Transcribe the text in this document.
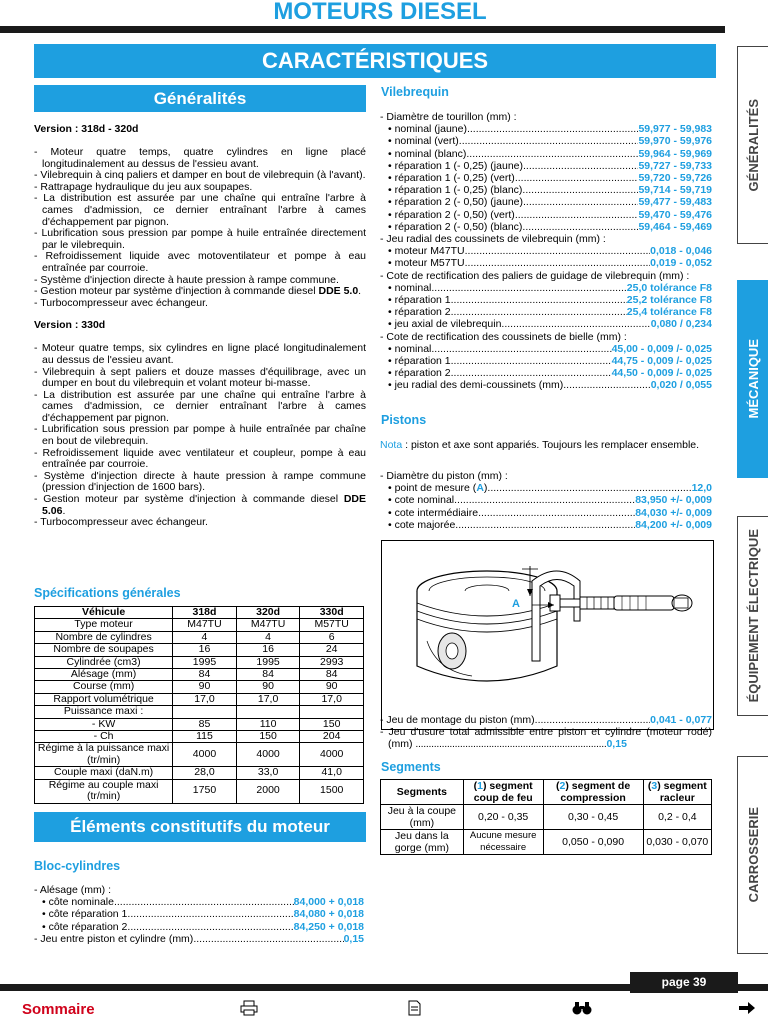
MOTEURS DIESEL
CARACTÉRISTIQUES
Généralités
Version : 318d - 320d

- Moteur quatre temps, quatre cylindres en ligne placé longitudinalement au dessus de l'essieu avant.

- Vilebrequin à cinq paliers et damper en bout de vilebrequin (à l'avant).

- Rattrapage hydraulique du jeu aux soupapes.

- La distribution est assurée par une chaîne qui entraîne l'arbre à cames d'admission, ce dernier entraînant l'arbre à cames d'échappement par pignon.

- Lubrification sous pression par pompe à huile entraînée directement par le vilebrequin.

- Refroidissement liquide avec motoventilateur et pompe à eau entraînée par courroie.

- Système d'injection directe à haute pression à rampe commune.

- Gestion moteur par système d'injection à commande diesel DDE 5.0.

- Turbocompresseur avec échangeur.

Version : 330d

- Moteur quatre temps, six cylindres en ligne placé longitudinalement au dessus de l'essieu avant.

- Vilebrequin à sept paliers et douze masses d'équilibrage, avec un dumper en bout du vilebrequin et volant moteur bi-masse.

- La distribution est assurée par une chaîne qui entraîne l'arbre à cames d'admission, ce dernier entraînant l'arbre à cames d'échappement par pignon.

- Lubrification sous pression par pompe à huile entraînée par chaîne en bout de vilebrequin.

- Refroidissement liquide avec ventilateur et coupleur, pompe à eau entraînée par courroie.

- Système d'injection directe à haute pression à rampe commune (pression d'injection de 1600 bars).

- Gestion moteur par système d'injection à commande diesel DDE 5.06.

- Turbocompresseur avec échangeur.

Spécifications générales
Véhicule	318d	320d	330d
Type moteur	M47TU	M47TU	M57TU
Nombre de cylindres	4	4	6
Nombre de soupapes	16	16	24
Cylindrée (cm3)	1995	1995	2993
Alésage (mm)	84	84	84
Course (mm)	90	90	90
Rapport volumétrique	17,0	17,0	17,0
Puissance maxi :			
- KW	85	110	150
- Ch	115	150	204
Régime à la puissance maxi (tr/min)	4000	4000	4000
Couple maxi (daN.m)	28,0	33,0	41,0
Régime au couple maxi (tr/min)	1750	2000	1500
Éléments constitutifs du moteur
Bloc-cylindres
- Alésage (mm) :
• côte nominale .....	84,000 + 0,018
• côte réparation 1 .....	84,080 + 0,018
• côte réparation 2 .....	84,250 + 0,018
- Jeu entre piston et cylindre (mm) .....	0,15
Vilebrequin
- Diamètre de tourillon (mm) :
• nominal (jaune) .....	59,977 - 59,983
• nominal (vert) .....	59,970 - 59,976
• nominal (blanc) .....	59,964 - 59,969
• réparation 1 (- 0,25) (jaune) .....	59,727 - 59,733
• réparation 1 (- 0,25) (vert) .....	59,720 - 59,726
• réparation 1 (- 0,25) (blanc) .....	59,714 - 59,719
• réparation 2 (- 0,50) (jaune) .....	59,477 - 59,483
• réparation 2 (- 0,50) (vert) .....	59,470 - 59,476
• réparation 2 (- 0,50) (blanc) .....	59,464 - 59,469
- Jeu radial des coussinets de vilebrequin (mm) :
• moteur M47TU .....	0,018 - 0,046
• moteur M57TU .....	0,019 - 0,052
- Cote de rectification des paliers de guidage de vilebrequin (mm) :
• nominal .....	25,0 tolérance F8
• réparation 1 .....	25,2 tolérance F8
• réparation 2 .....	25,4 tolérance F8
• jeu axial de vilebrequin .....	0,080 / 0,234
- Cote de rectification des coussinets de bielle (mm) :
• nominal .....	45,00 - 0,009 /- 0,025
• réparation 1 .....	44,75 - 0,009 /- 0,025
• réparation 2 .....	44,50 - 0,009 /- 0,025
• jeu radial des demi-coussinets (mm) .....	0,020 / 0,055
Pistons

Nota : piston et axe sont appariés. Toujours les remplacer ensemble.

- Diamètre du piston (mm) :
• point de mesure (A) .....	12,0
• cote nominal .....	83,950 +/- 0,009
• cote intermédiaire .....	84,030 +/- 0,009
• cote majorée .....	84,200 +/- 0,009
A
- Jeu de montage du piston (mm) .....	0,041 - 0,077
- Jeu d'usure total admissible entre piston et cylindre (moteur rodé) (mm) .........................................................................0,15
Segments
Segments	(1) segment coup de feu	(2) segment de compression	(3) segment racleur
Jeu à la coupe (mm)	0,20 - 0,35	0,30 - 0,45	0,2 - 0,4
Jeu dans la gorge (mm)	Aucune mesure nécessaire	0,050 - 0,090	0,030 - 0,070
GÉNÉRALITÉS
MÉCANIQUE
ÉQUIPEMENT ÉLECTRIQUE
CARROSSERIE
page 39
Sommaire
